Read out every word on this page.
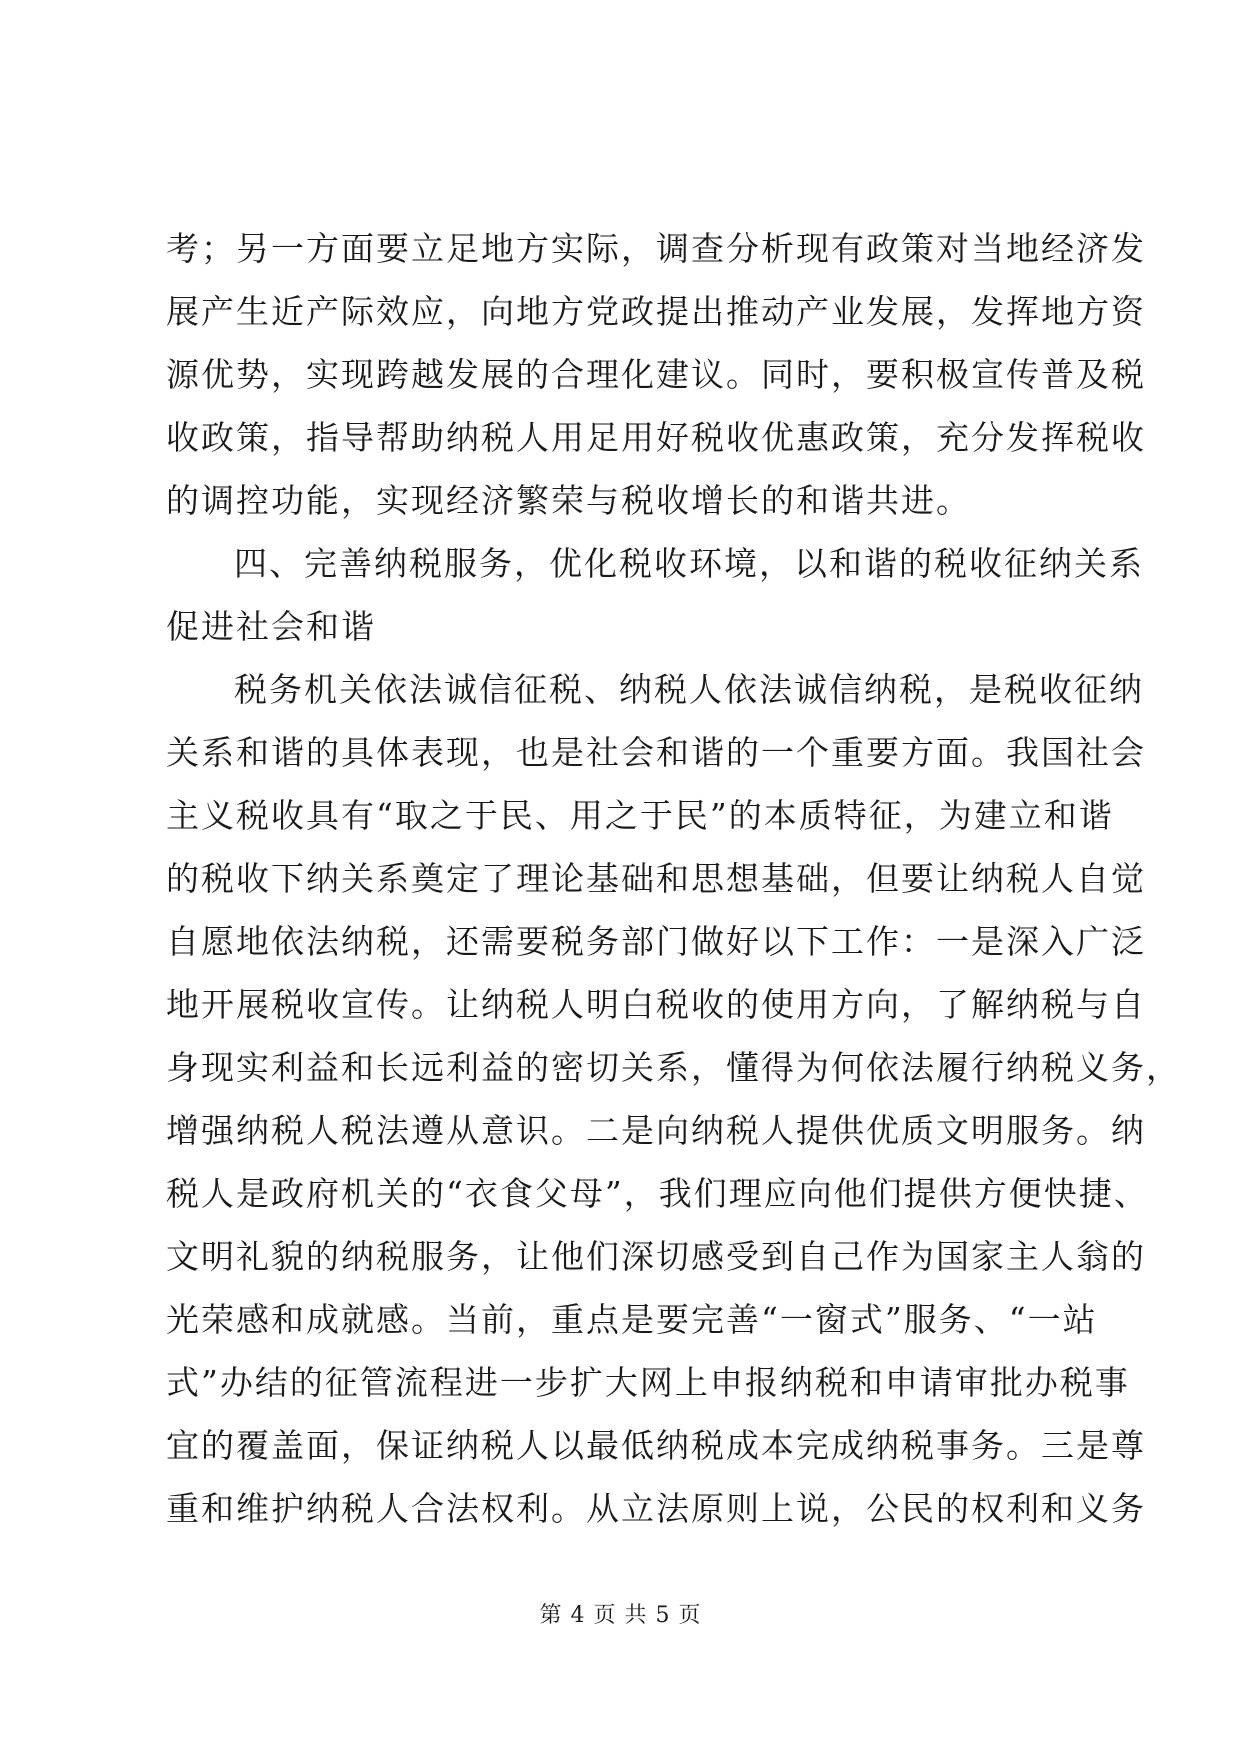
考；另一方面要立足地方实际，调查分析现有政策对当地经济发
展产生近产际效应，向地方党政提出推动产业发展，发挥地方资
源优势，实现跨越发展的合理化建议。同时，要积极宣传普及税
收政策，指导帮助纳税人用足用好税收优惠政策，充分发挥税收
的调控功能，实现经济繁荣与税收增长的和谐共进。
四、完善纳税服务，优化税收环境，以和谐的税收征纳关系
促进社会和谐
税务机关依法诚信征税、纳税人依法诚信纳税，是税收征纳
关系和谐的具体表现，也是社会和谐的一个重要方面。我国社会
主义税收具有“取之于民、用之于民”的本质特征，为建立和谐
的税收下纳关系奠定了理论基础和思想基础，但要让纳税人自觉
自愿地依法纳税，还需要税务部门做好以下工作：一是深入广泛
地开展税收宣传。让纳税人明白税收的使用方向，了解纳税与自
身现实利益和长远利益的密切关系，懂得为何依法履行纳税义务，
增强纳税人税法遵从意识。二是向纳税人提供优质文明服务。纳
税人是政府机关的“衣食父母”，我们理应向他们提供方便快捷、
文明礼貌的纳税服务，让他们深切感受到自己作为国家主人翁的
光荣感和成就感。当前，重点是要完善“一窗式”服务、“一站
式”办结的征管流程进一步扩大网上申报纳税和申请审批办税事
宜的覆盖面，保证纳税人以最低纳税成本完成纳税事务。三是尊
重和维护纳税人合法权利。从立法原则上说，公民的权利和义务
第 4 页 共 5 页
